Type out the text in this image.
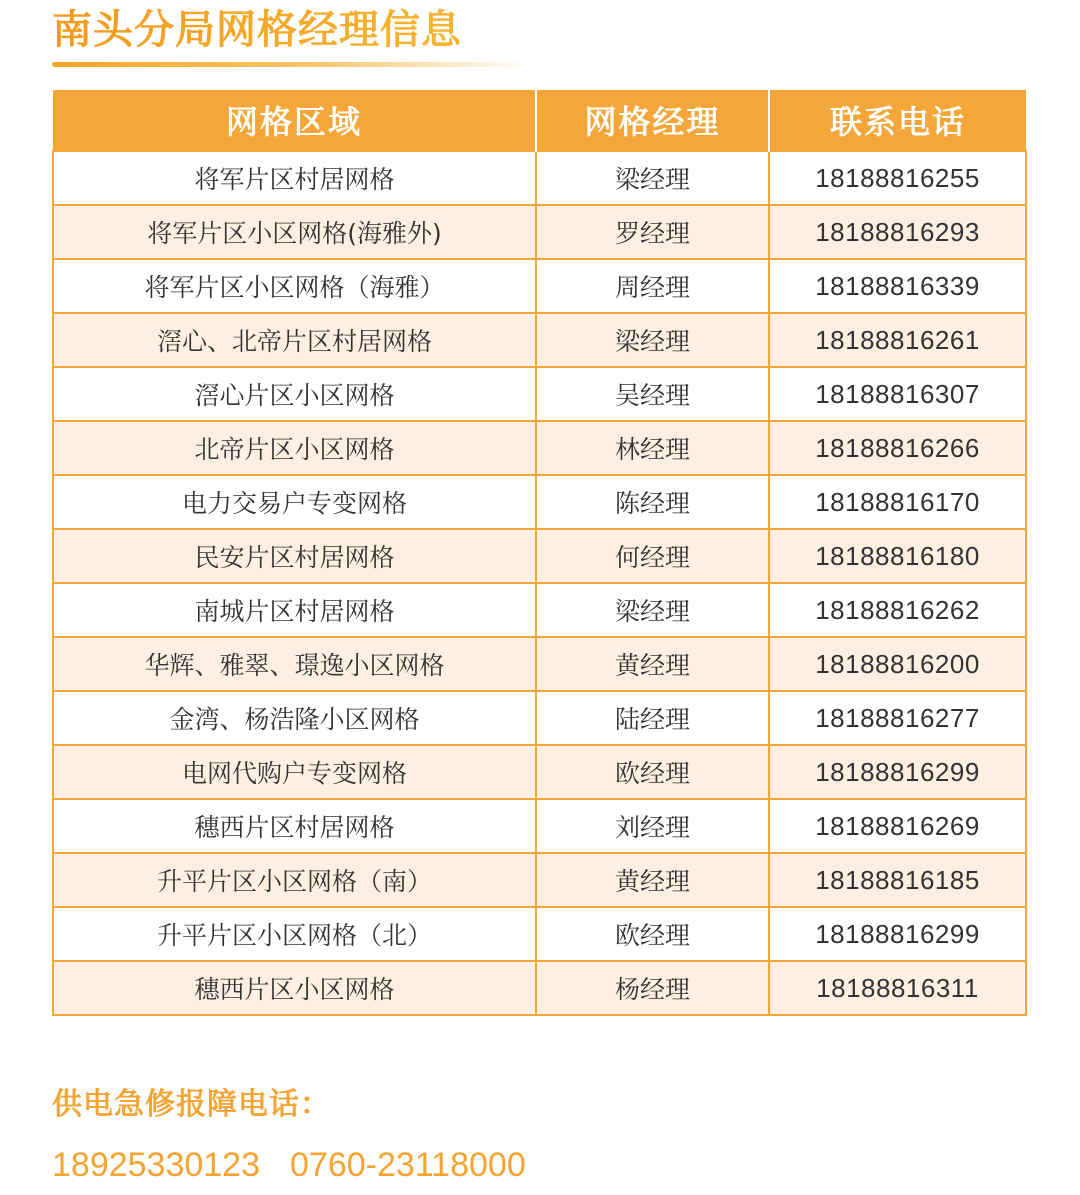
南头分局网格经理信息
网格区域	网格经理	联系电话
将军片区村居网格	梁经理	18188816255
将军片区小区网格(海雅外)	罗经理	18188816293
将军片区小区网格（海雅）	周经理	18188816339
滘心、北帝片区村居网格	梁经理	18188816261
滘心片区小区网格	吴经理	18188816307
北帝片区小区网格	林经理	18188816266
电力交易户专变网格	陈经理	18188816170
民安片区村居网格	何经理	18188816180
南城片区村居网格	梁经理	18188816262
华辉、雅翠、璟逸小区网格	黄经理	18188816200
金湾、杨浩隆小区网格	陆经理	18188816277
电网代购户专变网格	欧经理	18188816299
穗西片区村居网格	刘经理	18188816269
升平片区小区网格（南）	黄经理	18188816185
升平片区小区网格（北）	欧经理	18188816299
穗西片区小区网格	杨经理	18188816311

供电急修报障电话：

18925330123 0760-23118000
